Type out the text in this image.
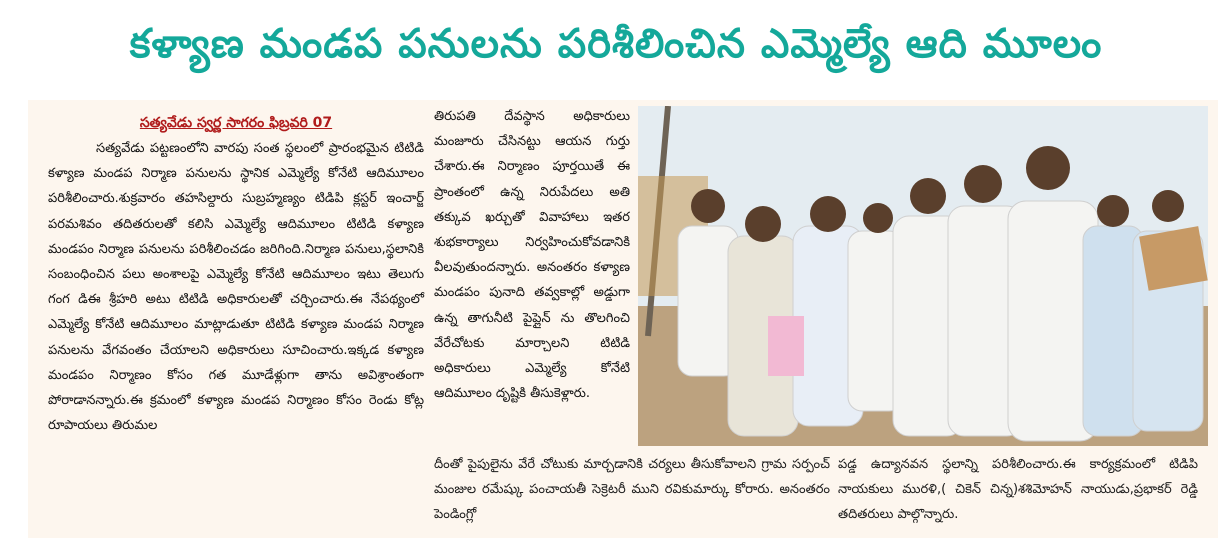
కళ్యాణ మండప పనులను పరిశీలించిన ఎమ్మెల్యే ఆది మూలం
సత్యవేడు స్వర్ణ సాగరం ఫిబ్రవరి 07

సత్యవేడు పట్టణంలోని వారపు సంత స్థలంలో ప్రారంభమైన టిటిడి కళ్యాణ మండప నిర్మాణ పనులను స్థానిక ఎమ్మెల్యే కోనేటి ఆదిమూలం పరిశీలించారు.శుక్రవారం తహసిల్దారు సుబ్రహ్మణ్యం టిడిపి క్లస్టర్ ఇంచార్జ్ పరమశివం తదితరులతో కలిసి ఎమ్మెల్యే ఆదిమూలం టిటిడి కళ్యాణ మండపం నిర్మాణ పనులను పరిశీలించడం జరిగింది.నిర్మాణ పనులు,స్థలానికి సంబంధించిన పలు అంశాలపై ఎమ్మెల్యే కోనేటి ఆదిమూలం ఇటు తెలుగు గంగ డిఈ శ్రీహరి అటు టిటిడి అధికారులతో చర్చించారు.ఈ నేపథ్యంలో ఎమ్మెల్యే కోనేటి ఆదిమూలం మాట్లాడుతూ టిటిడి కళ్యాణ మండప నిర్మాణ పనులను వేగవంతం చేయాలని అధికారులు సూచించారు.ఇక్కడ కళ్యాణ మండపం నిర్మాణం కోసం గత మూడేళ్లుగా తాను అవిశ్రాంతంగా పోరాడానన్నారు.ఈ క్రమంలో కళ్యాణ మండప నిర్మాణం కోసం రెండు కోట్ల రూపాయలు తిరుమల

తిరుపతి దేవస్థాన అధికారులు మంజూరు చేసినట్టు ఆయన గుర్తు చేశారు.ఈ నిర్మాణం పూర్తయితే ఈ ప్రాంతంలో ఉన్న నిరుపేదలు అతి తక్కువ ఖర్చుతో వివాహాలు ఇతర శుభకార్యాలు నిర్వహించుకోవడానికి వీలవుతుందన్నారు. అనంతరం కళ్యాణ మండపం పునాది తవ్వకాల్లో అడ్డుగా ఉన్న తాగునీటి పైప్లైన్ ను తొలగించి వేరేచోటకు మార్చాలని టిటిడి అధికారులు ఎమ్మెల్యే కోనేటి ఆదిమూలం దృష్టికి తీసుకెళ్లారు.

దీంతో పైపులైను వేరే చోటుకు మార్చడానికి చర్యలు తీసుకోవాలని గ్రామ సర్పంచ్ మంజుల రమేష్కు పంచాయతీ సెక్రెటరీ ముని రవికుమార్కు కోరారు. అనంతరం పెండింగ్లో

పడ్డ ఉద్యానవన స్థలాన్ని పరిశీలించారు.ఈ కార్యక్రమంలో టిడిపి నాయకులు మురళి,( చికెన్ చిన్న)శశిమోహన్ నాయుడు,ప్రభాకర్ రెడ్డి తదితరులు పాల్గొన్నారు.
